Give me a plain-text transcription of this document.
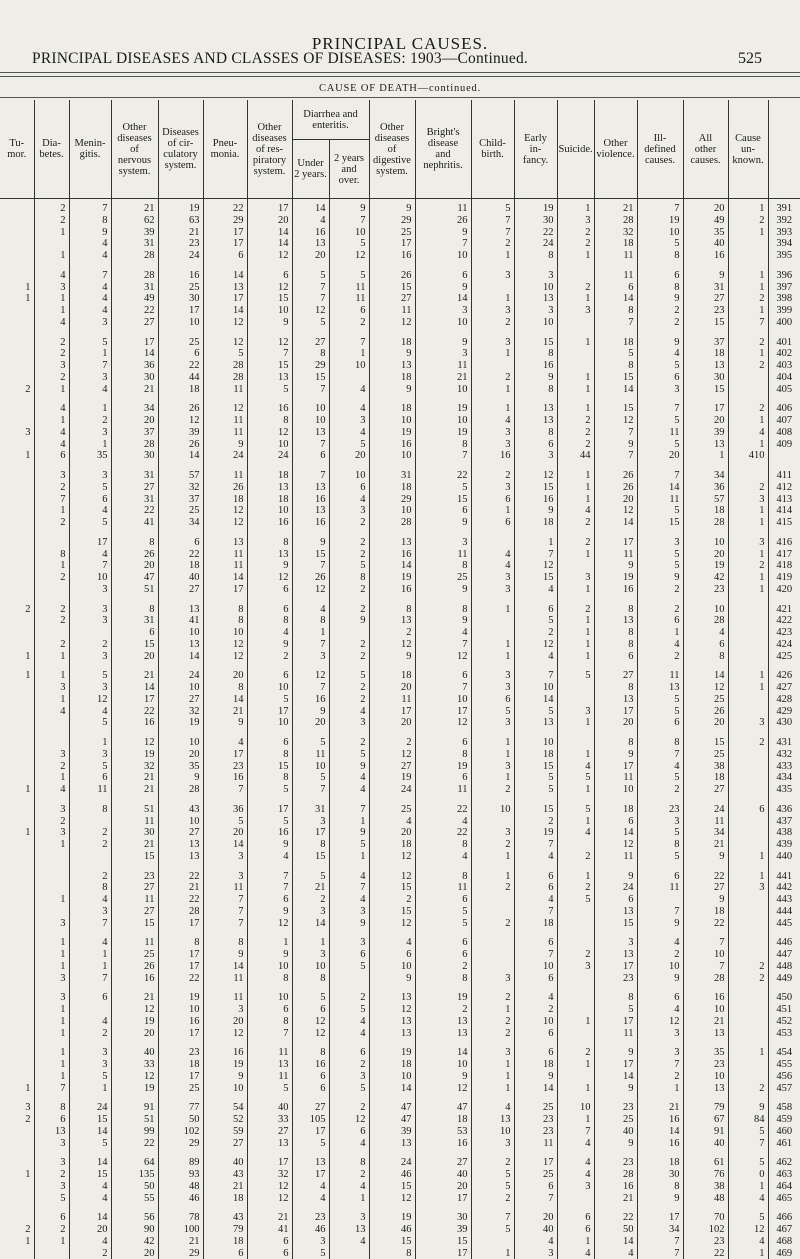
PRINCIPAL CAUSES.
PRINCIPAL DISEASES AND CLASSES OF DISEASES: 1903—Continued.	525
CAUSE OF DEATH—continued.
Tu-
mor.	Dia-
betes.	Menin-
gitis.	Other
diseases
of
nervous
system.	Diseases
of cir-
culatory
system.	Pneu-
monia.	Other
diseases
of res-
piratory
system.	Diarrhea and
enteritis.		Other
diseases
of
digestive
system.	Bright's
disease
and
nephritis.	Child-
birth.	Early
in-
fancy.	Suicide.	Other
violence.	Ill-
defined
causes.	All
other
causes.	Cause
un-
known.	
							Under
2 years.	2 years
and
over.										

	2	7	21	19	22	17	14	9	9	11	5	19	1	21	7	20	1	391
	2	8	62	63	29	20	4	7	29	26	7	30	3	28	19	49	2	392
	1	9	39	21	17	14	16	10	25	9	7	22	2	32	10	35	1	393
		4	31	23	17	14	13	5	17	7	2	24	2	18	5	40		394
	1	4	28	24	6	12	20	12	16	10	1	8	1	11	8	16		395

	4	7	28	16	14	6	5	5	26	6	3	3		11	6	9	1	396
1	3	4	31	25	13	12	7	11	15	9		10	2	6	8	31	1	397
1	1	4	49	30	17	15	7	11	27	14	1	13	1	14	9	27	2	398
	1	4	22	17	14	10	12	6	11	3	3	3	3	8	2	23	1	399
	4	3	27	10	12	9	5	2	12	10	2	10		7	2	15	7	400

	2	5	17	25	12	12	27	7	18	9	3	15	1	18	9	37	2	401
	2	1	14	6	5	7	8	1	9	3	1	8		5	4	18	1	402
	3	7	36	22	28	15	29	10	13	11		16		8	5	13	2	403
	2	3	30	44	28	13	15		18	21	2	9	1	15	6	30		404
2	1	4	21	18	11	5	7	4	9	10	1	8	1	14	3	15		405

	4	1	34	26	12	16	10	4	18	19	1	13	1	15	7	17	2	406
	1	2	20	12	11	8	10	3	10	10	4	13	2	12	5	20	1	407
3	4	3	37	39	11	12	13	4	19	19	3	8	2	7	11	39	4	408
	4	1	28	26	9	10	7	5	16	8	3	6	2	9	5	13	1	409
1	6	35	30	14	24	24	6	20	10	7	16	3	44	7	20	1	410	

	3	3	31	57	11	18	7	10	31	22	2	12	1	26	7	34		411
	2	5	27	32	26	13	13	6	18	5	3	15	1	26	14	36	2	412
	7	6	31	37	18	18	16	4	29	15	6	16	1	20	11	57	3	413
	1	4	22	25	12	10	13	3	10	6	1	9	4	12	5	18	1	414
	2	5	41	34	12	16	16	2	28	9	6	18	2	14	15	28	1	415

		17	8	6	13	8	9	2	13	3		1	2	17	3	10	3	416
	8	4	26	22	11	13	15	2	16	11	4	7	1	11	5	20	1	417
	1	7	20	18	11	9	7	5	14	8	4	12		9	5	19	2	418
	2	10	47	40	14	12	26	8	19	25	3	15	3	19	9	42	1	419
		3	51	27	17	6	12	2	16	9	3	4	1	16	2	23	1	420

2	2	3	8	13	8	6	4	2	8	8	1	6	2	8	2	10		421
	2	3	31	41	8	8	8	9	13	9		5	1	13	6	28		422
			6	10	10	4	1		2	4		2	1	8	1	4		423
	2	2	15	13	12	9	7	2	12	7	1	12	1	8	4	6		424
1	1	3	20	14	12	2	3	2	9	12	1	4	1	6	2	8		425

1	1	5	21	24	20	6	12	5	18	6	3	7	5	27	11	14	1	426
	3	3	14	10	8	10	7	2	20	7	3	10		8	13	12	1	427
	1	12	17	27	14	5	16	2	11	10	6	14		13	5	25		428
	4	4	22	32	21	17	9	4	17	17	5	5	3	17	5	26		429
		5	16	19	9	10	20	3	20	12	3	13	1	20	6	20	3	430

		1	12	10	4	6	5	2	2	6	1	10		8	8	15	2	431
	3	3	19	20	17	8	11	5	12	8	1	18	1	9	7	25		432
	2	5	32	35	23	15	10	9	27	19	3	15	4	17	4	38		433
	1	6	21	9	16	8	5	4	19	6	1	5	5	11	5	18		434
1	4	11	21	28	7	5	7	4	24	11	2	5	1	10	2	27		435

	3	8	51	43	36	17	31	7	25	22	10	15	5	18	23	24	6	436
	2		11	10	5	5	3	1	4	4		2	1	6	3	11		437
1	3	2	30	27	20	16	17	9	20	22	3	19	4	14	5	34		438
	1	2	21	13	14	9	8	5	18	8	2	7		12	8	21		439
			15	13	3	4	15	1	12	4	1	4	2	11	5	9	1	440

		2	23	22	3	7	5	4	12	8	1	6	1	9	6	22	1	441
		8	27	21	11	7	21	7	15	11	2	6	2	24	11	27	3	442
	1	4	11	22	7	6	2	4	2	6		4	5	6		9		443
		3	27	28	7	9	3	3	15	5		7		13	7	18		444
	3	7	15	17	7	12	14	9	12	5	2	18		15	9	22		445

	1	4	11	8	8	1	1	3	4	6		6		3	4	7		446
	1	1	25	17	9	9	3	6	6	6		7	2	13	2	10		447
	1	1	26	17	14	10	10	5	10	2		10	3	17	10	7	2	448
	3	7	16	22	11	8	8		9	8	3	6		23	9	28	2	449

	3	6	21	19	11	10	5	2	13	19	2	4		8	6	16		450
	1		12	10	3	6	6	5	12	2	1	2		5	4	10		451
	1	4	19	16	20	8	12	4	13	13	2	10	1	17	12	21		452
	1	2	20	17	12	7	12	4	13	13	2	6		11	3	13		453

	1	3	40	23	16	11	8	6	19	14	3	6	2	9	3	35	1	454
	1	3	33	18	19	13	16	2	18	10	1	18	1	17	7	23		455
	1	5	12	17	9	11	6	3	10	9	1	9		14	2	10		456
1	7	1	19	25	10	5	6	5	14	12	1	14	1	9	1	13	2	457

3	8	24	91	77	54	40	27	2	47	47	4	25	10	23	21	79	9	458
2	6	15	51	50	52	33	105	12	47	18	13	23	1	25	16	67	84	459
	13	14	99	102	59	27	17	6	39	53	10	23	7	40	14	91	5	460
	3	5	22	29	27	13	5	4	13	16	3	11	4	9	16	40	7	461

	3	14	64	89	40	17	13	8	24	27	2	17	4	23	18	61	5	462
1	2	15	135	93	43	32	17	2	46	40	5	25	4	28	30	76	0	463
	3	4	50	48	21	12	4	4	15	20	5	6	3	16	8	38	1	464
	5	4	55	46	18	12	4	1	12	17	2	7		21	9	48	4	465

	6	14	56	78	43	21	23	3	19	30	7	20	6	22	17	70	5	466
2	2	20	90	100	79	41	46	13	46	39	5	40	6	50	34	102	12	467
1	1	4	42	21	18	6	3	4	15	15		4	1	14	7	23	4	468
		2	20	29	6	6	5		8	17	1	3	4	4	7	22	1	469
